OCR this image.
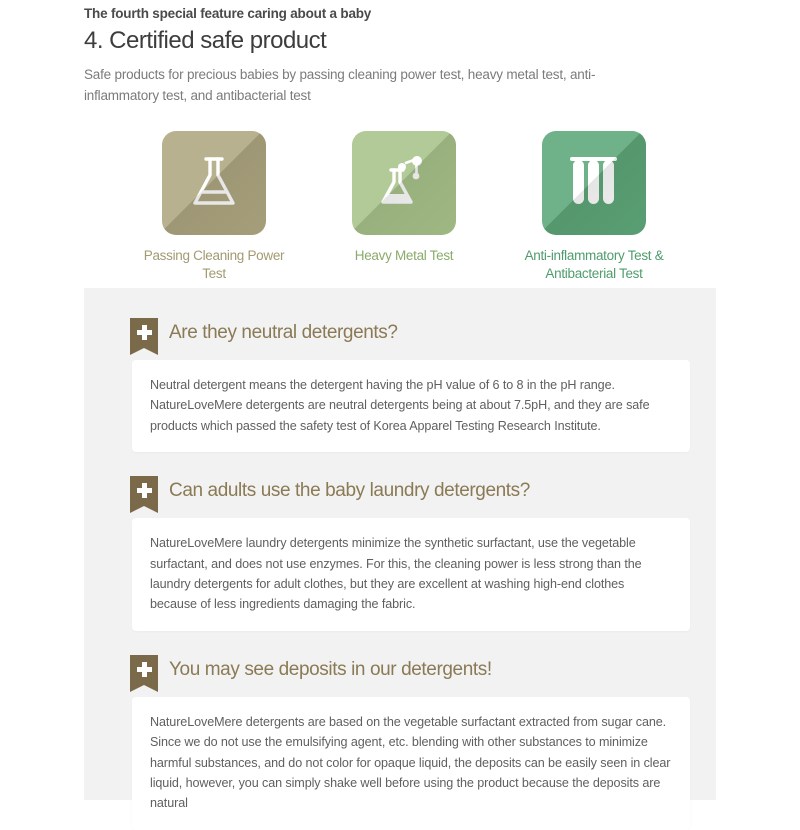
The fourth special feature caring about a baby

4. Certified safe product

Safe products for precious babies by passing cleaning power test, heavy metal test, anti-inflammatory test, and antibacterial test

Passing Cleaning Power Test
Heavy Metal Test	Anti-inflammatory Test & Antibacterial Test
Are they neutral detergents?
Neutral detergent means the detergent having the pH value of 6 to 8 in the pH range. NatureLoveMere detergents are neutral detergents being at about 7.5pH, and they are safe products which passed the safety test of Korea Apparel Testing Research Institute.
Can adults use the baby laundry detergents?
NatureLoveMere laundry detergents minimize the synthetic surfactant, use the vegetable surfactant, and does not use enzymes. For this, the cleaning power is less strong than the laundry detergents for adult clothes, but they are excellent at washing high-end clothes because of less ingredients damaging the fabric.
You may see deposits in our detergents!
NatureLoveMere detergents are based on the vegetable surfactant extracted from sugar cane. Since we do not use the emulsifying agent, etc. blending with other substances to minimize harmful substances, and do not color for opaque liquid, the deposits can be easily seen in clear liquid, however, you can simply shake well before using the product because the deposits are natural
